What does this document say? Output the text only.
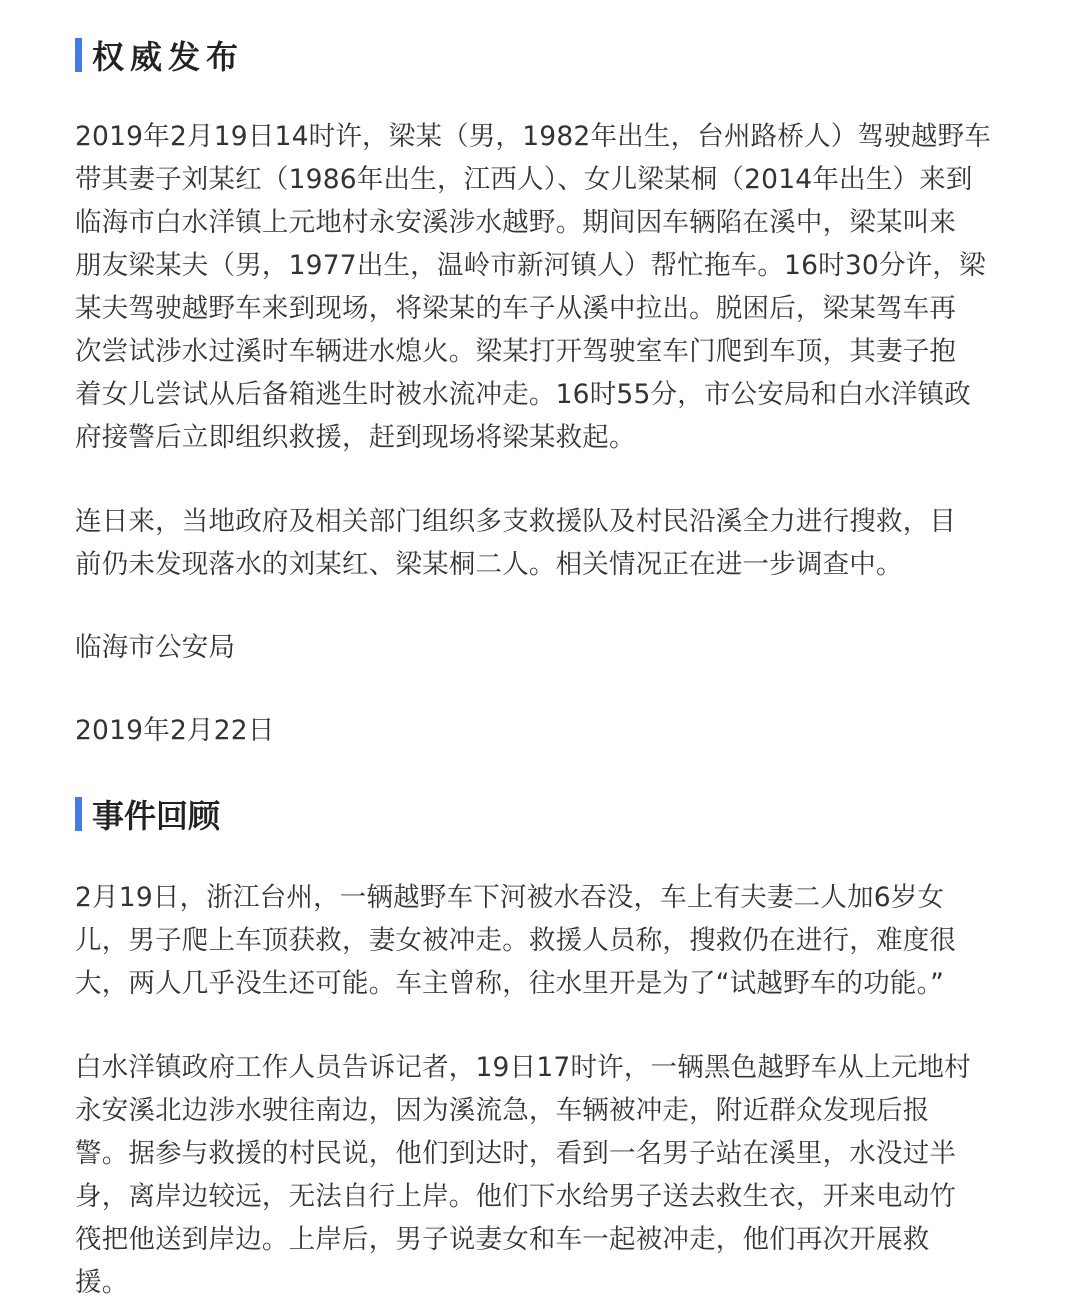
权威发布

2019年2月19日14时许，梁某（男，1982年出生，台州路桥人）驾驶越野车
带其妻子刘某红（1986年出生，江西人）、女儿梁某桐（2014年出生）来到
临海市白水洋镇上元地村永安溪涉水越野。期间因车辆陷在溪中，梁某叫来
朋友梁某夫（男，1977出生，温岭市新河镇人）帮忙拖车。16时30分许，梁
某夫驾驶越野车来到现场，将梁某的车子从溪中拉出。脱困后，梁某驾车再
次尝试涉水过溪时车辆进水熄火。梁某打开驾驶室车门爬到车顶，其妻子抱
着女儿尝试从后备箱逃生时被水流冲走。16时55分，市公安局和白水洋镇政
府接警后立即组织救援，赶到现场将梁某救起。

连日来，当地政府及相关部门组织多支救援队及村民沿溪全力进行搜救，目
前仍未发现落水的刘某红、梁某桐二人。相关情况正在进一步调查中。

临海市公安局

2019年2月22日

事件回顾

2月19日，浙江台州，一辆越野车下河被水吞没，车上有夫妻二人加6岁女
儿，男子爬上车顶获救，妻女被冲走。救援人员称，搜救仍在进行，难度很
大，两人几乎没生还可能。车主曾称，往水里开是为了“试越野车的功能。”

白水洋镇政府工作人员告诉记者，19日17时许，一辆黑色越野车从上元地村
永安溪北边涉水驶往南边，因为溪流急，车辆被冲走，附近群众发现后报
警。据参与救援的村民说，他们到达时，看到一名男子站在溪里，水没过半
身，离岸边较远，无法自行上岸。他们下水给男子送去救生衣，开来电动竹
筏把他送到岸边。上岸后，男子说妻女和车一起被冲走，他们再次开展救
援。
